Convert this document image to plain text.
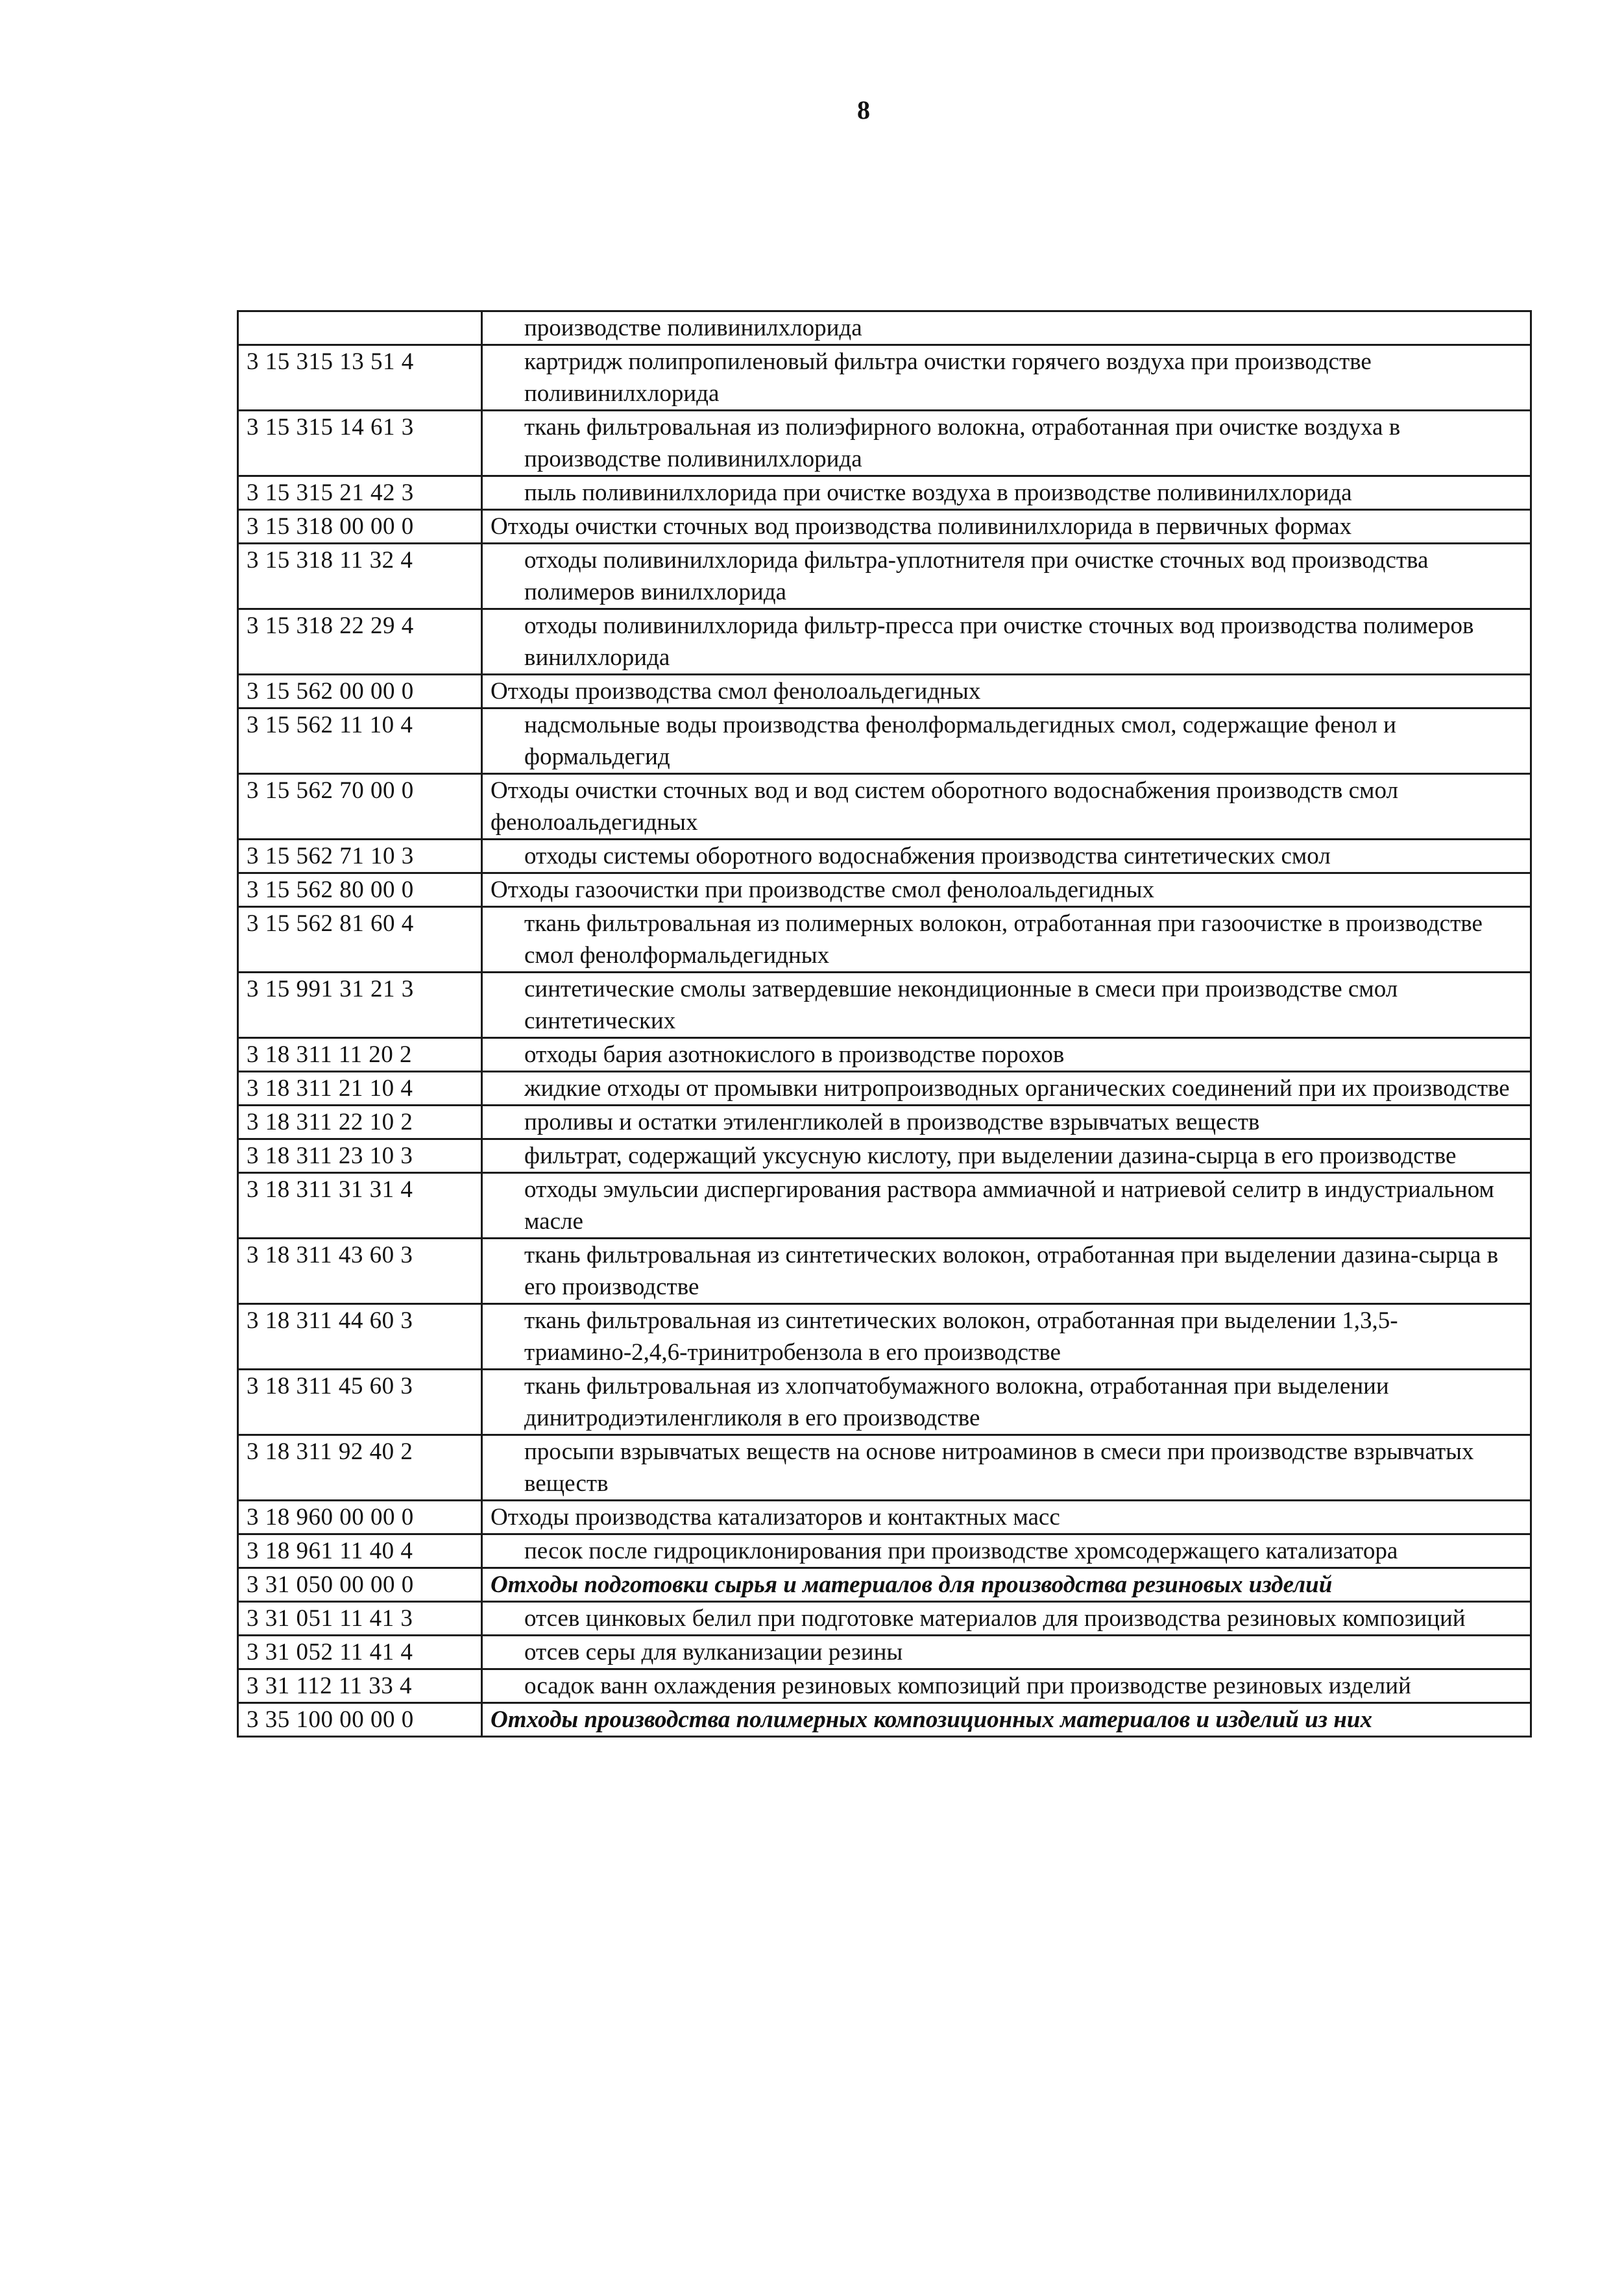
8
	производстве поливинилхлорида
3 15 315 13 51 4	картридж полипропиленовый фильтра очистки горячего воздуха при производстве поливинилхлорида
3 15 315 14 61 3	ткань фильтровальная из полиэфирного волокна, отработанная при очистке воздуха в производстве поливинилхлорида
3 15 315 21 42 3	пыль поливинилхлорида при очистке воздуха в производстве поливинилхлорида
3 15 318 00 00 0	Отходы очистки сточных вод производства поливинилхлорида в первичных формах
3 15 318 11 32 4	отходы поливинилхлорида фильтра-уплотнителя при очистке сточных вод производства полимеров винилхлорида
3 15 318 22 29 4	отходы поливинилхлорида фильтр-пресса при очистке сточных вод производства полимеров винилхлорида
3 15 562 00 00 0	Отходы производства смол фенолоальдегидных
3 15 562 11 10 4	надсмольные воды производства фенолформальдегидных смол, содержащие фенол и формальдегид
3 15 562 70 00 0	Отходы очистки сточных вод и вод систем оборотного водоснабжения производств смол фенолоальдегидных
3 15 562 71 10 3	отходы системы оборотного водоснабжения производства синтетических смол
3 15 562 80 00 0	Отходы газоочистки при производстве смол фенолоальдегидных
3 15 562 81 60 4	ткань фильтровальная из полимерных волокон, отработанная при газоочистке в производстве смол фенолформальдегидных
3 15 991 31 21 3	синтетические смолы затвердевшие некондиционные в смеси при производстве смол синтетических
3 18 311 11 20 2	отходы бария азотнокислого в производстве порохов
3 18 311 21 10 4	жидкие отходы от промывки нитропроизводных органических соединений при их производстве
3 18 311 22 10 2	проливы и остатки этиленгликолей в производстве взрывчатых веществ
3 18 311 23 10 3	фильтрат, содержащий уксусную кислоту, при выделении дазина-сырца в его производстве
3 18 311 31 31 4	отходы эмульсии диспергирования раствора аммиачной и натриевой селитр в индустриальном масле
3 18 311 43 60 3	ткань фильтровальная из синтетических волокон, отработанная при выделении дазина-сырца в его производстве
3 18 311 44 60 3	ткань фильтровальная из синтетических волокон, отработанная при выделении 1,3,5-триамино-2,4,6-тринитробензола в его производстве
3 18 311 45 60 3	ткань фильтровальная из хлопчатобумажного волокна, отработанная при выделении динитродиэтиленгликоля в его производстве
3 18 311 92 40 2	просыпи взрывчатых веществ на основе нитроаминов в смеси при производстве взрывчатых веществ
3 18 960 00 00 0	Отходы производства катализаторов и контактных масс
3 18 961 11 40 4	песок после гидроциклонирования при производстве хромсодержащего катализатора
3 31 050 00 00 0	Отходы подготовки сырья и материалов для производства резиновых изделий
3 31 051 11 41 3	отсев цинковых белил при подготовке материалов для производства резиновых композиций
3 31 052 11 41 4	отсев серы для вулканизации резины
3 31 112 11 33 4	осадок ванн охлаждения резиновых композиций при производстве резиновых изделий
3 35 100 00 00 0	Отходы производства полимерных композиционных материалов и изделий из них
